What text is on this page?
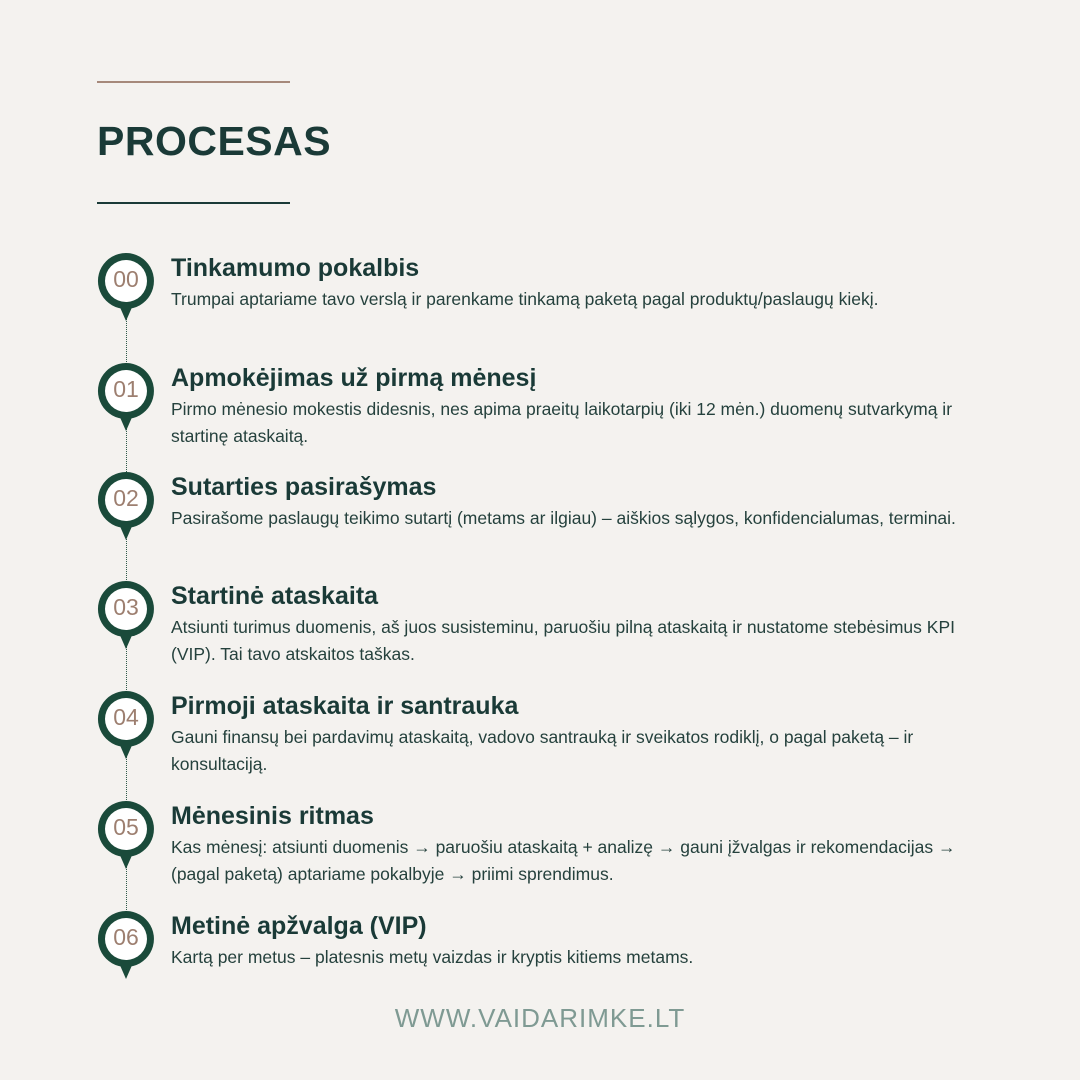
PROCESAS
00	Tinkamumo pokalbis
Trumpai aptariame tavo verslą ir parenkame tinkamą paketą pagal produktų/paslaugų kiekį.
01	Apmokėjimas už pirmą mėnesį
Pirmo mėnesio mokestis didesnis, nes apima praeitų laikotarpių (iki 12 mėn.) duomenų sutvarkymą ir startinę ataskaitą.
02	Sutarties pasirašymas
Pasirašome paslaugų teikimo sutartį (metams ar ilgiau) – aiškios sąlygos, konfidencialumas, terminai.
03	Startinė ataskaita
Atsiunti turimus duomenis, aš juos susisteminu, paruošiu pilną ataskaitą ir nustatome stebėsimus KPI (VIP). Tai tavo atskaitos taškas.
04	Pirmoji ataskaita ir santrauka
Gauni finansų bei pardavimų ataskaitą, vadovo santrauką ir sveikatos rodiklį, o pagal paketą – ir konsultaciją.
05	Mėnesinis ritmas
Kas mėnesį: atsiunti duomenis → paruošiu ataskaitą + analizę → gauni įžvalgas ir rekomendacijas → (pagal paketą) aptariame pokalbyje → priimi sprendimus.
06	Metinė apžvalga (VIP)
Kartą per metus – platesnis metų vaizdas ir kryptis kitiems metams.
WWW.VAIDARIMKE.LT
